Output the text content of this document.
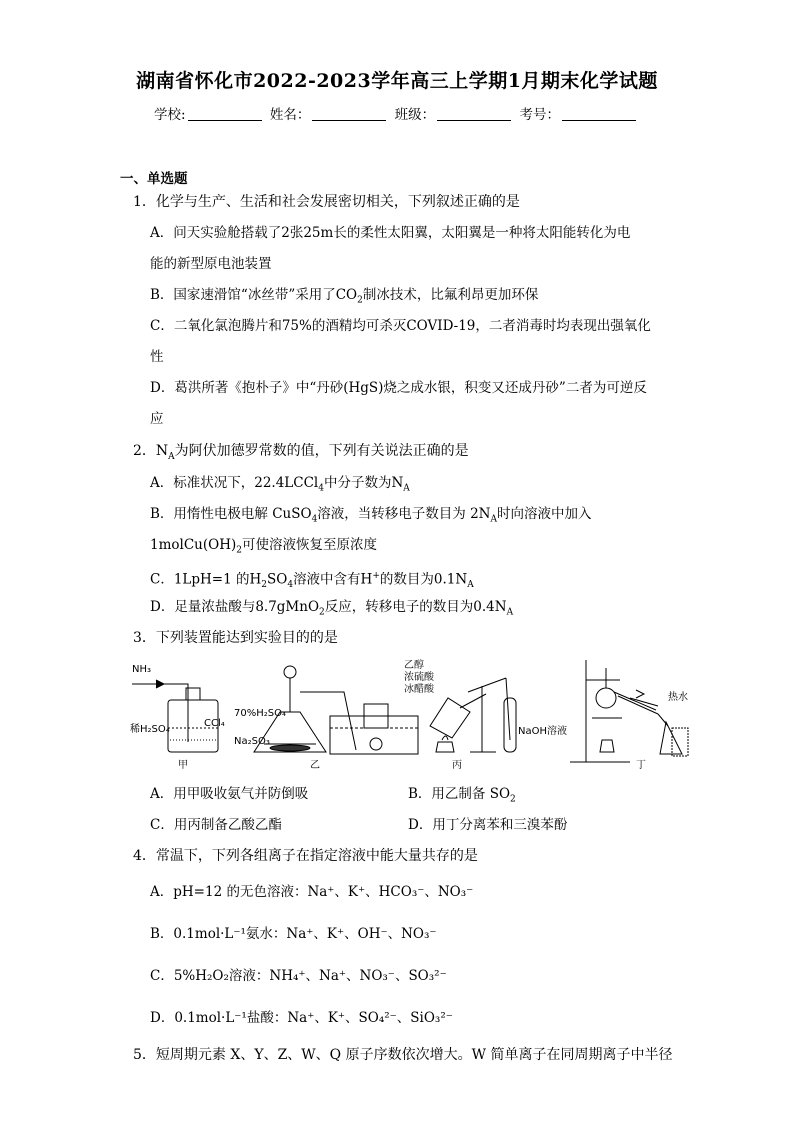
湖南省怀化市2022-2023学年高三上学期1月期末化学试题
学校:	姓名：	班级：	考号：
一、单选题
1．化学与生产、生活和社会发展密切相关，下列叙述正确的是
A．问天实验舱搭载了2张25m长的柔性太阳翼，太阳翼是一种将太阳能转化为电
能的新型原电池装置
B．国家速滑馆“冰丝带”采用了$CO_2$制冰技术，比氟利昂更加环保
C．二氧化氯泡腾片和75%的酒精均可杀灭COVID-19，二者消毒时均表现出强氧化
性
D．葛洪所著《抱朴子》中“丹砂(HgS)烧之成水银，积变又还成丹砂”二者为可逆反
应
2．$N_A$为阿伏加德罗常数的值，下列有关说法正确的是
A．标准状况下，22.4LCCl$_4$中分子数为$N_A$
B．用惰性电极电解 CuSO$_4$溶液，当转移电子数目为 $2N_A$时向溶液中加入
$1molCu(OH)_2$可使溶液恢复至原浓度
C．1LpH=1 的$H_2SO_4$溶液中含有H+的数目为$0.1N_A$
D．足量浓盐酸与8.7gMnO$_2$反应，转移电子的数目为$0.4N_A$
3．下列装置能达到实验目的的是
NH₃
稀H₂SO₄
CCl₄
甲
70%H₂SO₄
Na₂SO₃
乙
乙醇
浓硫酸
冰醋酸
NaOH溶液
丙
热水
丁
A．用甲吸收氨气并防倒吸	B．用乙制备 $SO_2$
C．用丙制备乙酸乙酯	D．用丁分离苯和三溴苯酚
4．常温下，下列各组离子在指定溶液中能大量共存的是
A．pH=12 的无色溶液：Na⁺、K⁺、HCO₃⁻、NO₃⁻
B．0.1mol·L⁻¹氨水：Na⁺、K⁺、OH⁻、NO₃⁻
C．5%H₂O₂溶液：NH₄⁺、Na⁺、NO₃⁻、SO₃²⁻
D．0.1mol·L⁻¹盐酸：Na⁺、K⁺、SO₄²⁻、SiO₃²⁻
5．短周期元素 X、Y、Z、W、Q 原子序数依次增大。W 简单离子在同周期离子中半径
